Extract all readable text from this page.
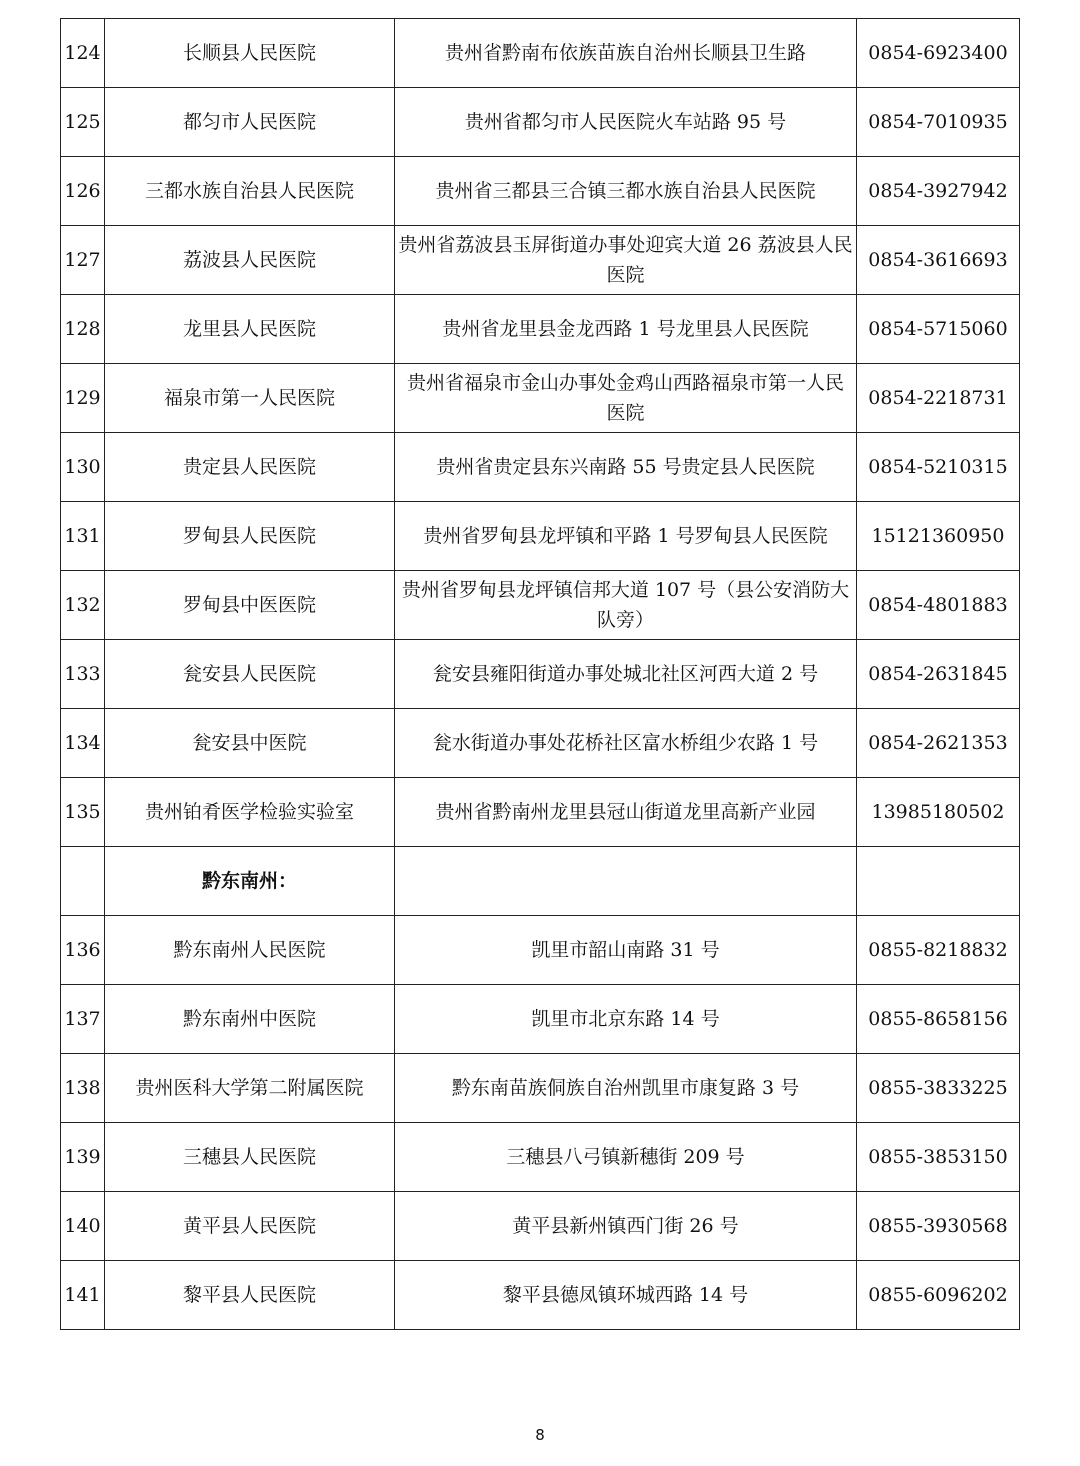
124	长顺县人民医院	贵州省黔南布依族苗族自治州长顺县卫生路	0854-6923400
125	都匀市人民医院	贵州省都匀市人民医院火车站路 95 号	0854-7010935
126	三都水族自治县人民医院	贵州省三都县三合镇三都水族自治县人民医院	0854-3927942
127	荔波县人民医院	贵州省荔波县玉屏街道办事处迎宾大道 26 荔波县人民医院	0854-3616693
128	龙里县人民医院	贵州省龙里县金龙西路 1 号龙里县人民医院	0854-5715060
129	福泉市第一人民医院	贵州省福泉市金山办事处金鸡山西路福泉市第一人民医院	0854-2218731
130	贵定县人民医院	贵州省贵定县东兴南路 55 号贵定县人民医院	0854-5210315
131	罗甸县人民医院	贵州省罗甸县龙坪镇和平路 1 号罗甸县人民医院	15121360950
132	罗甸县中医医院	贵州省罗甸县龙坪镇信邦大道 107 号（县公安消防大队旁）	0854-4801883
133	瓮安县人民医院	瓮安县雍阳街道办事处城北社区河西大道 2 号	0854-2631845
134	瓮安县中医院	瓮水街道办事处花桥社区富水桥组少农路 1 号	0854-2621353
135	贵州铂肴医学检验实验室	贵州省黔南州龙里县冠山街道龙里高新产业园	13985180502
	黔东南州：		
136	黔东南州人民医院	凯里市韶山南路 31 号	0855-8218832
137	黔东南州中医院	凯里市北京东路 14 号	0855-8658156
138	贵州医科大学第二附属医院	黔东南苗族侗族自治州凯里市康复路 3 号	0855-3833225
139	三穗县人民医院	三穗县八弓镇新穗街 209 号	0855-3853150
140	黄平县人民医院	黄平县新州镇西门街 26 号	0855-3930568
141	黎平县人民医院	黎平县德凤镇环城西路 14 号	0855-6096202
8
